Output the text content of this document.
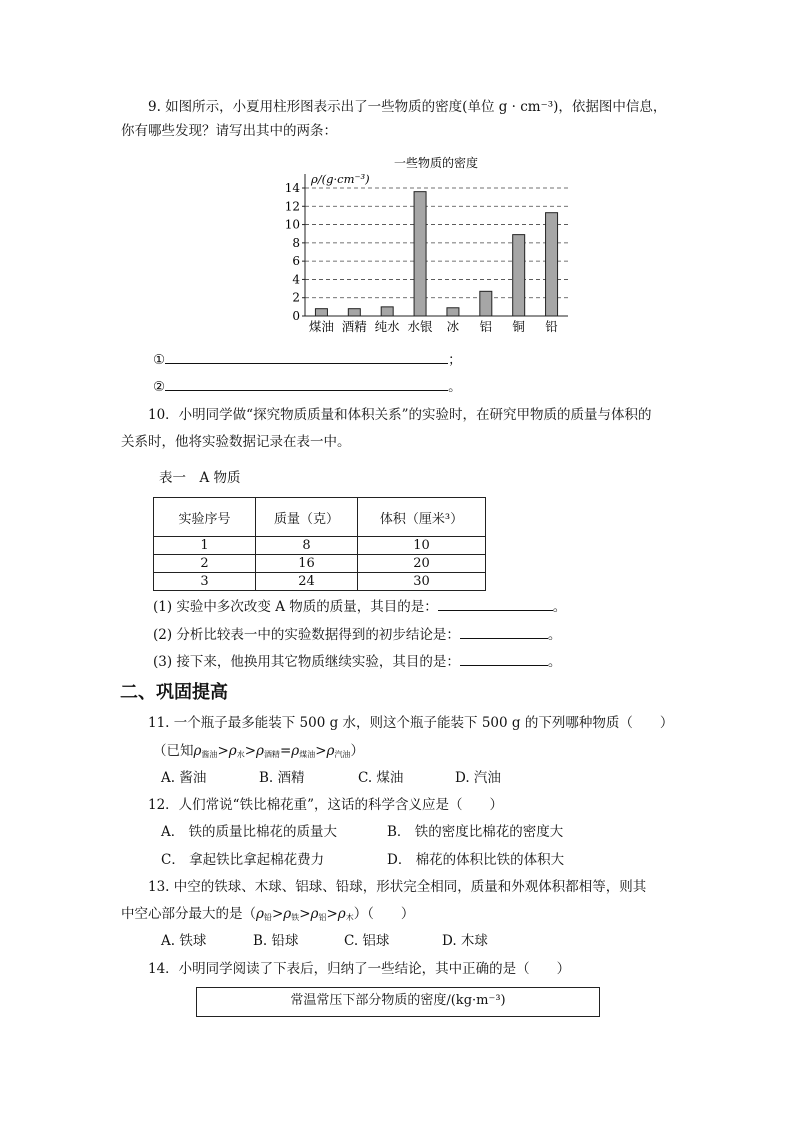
9. 如图所示，小夏用柱形图表示出了一些物质的密度(单位 g · cm⁻³)，依据图中信息，
你有哪些发现？请写出其中的两条：
一些物质的密度
ρ/(g·cm⁻³)
0
2
4
6
8
10
12
14
煤油 酒精 纯水 水银 冰 铝 铜 铅
①	；
②	。
10．小明同学做“探究物质质量和体积关系”的实验时，在研究甲物质的质量与体积的
关系时，他将实验数据记录在表一中。
表一　A 物质
实验序号	质量（克）	体积（厘米³）
1	8	10
2	16	20
3	24	30
(1) 实验中多次改变 A 物质的质量，其目的是：	。
(2) 分析比较表一中的实验数据得到的初步结论是：	。
(3) 接下来，他换用其它物质继续实验，其目的是：	。
二、巩固提高
11. 一个瓶子最多能装下 500 g 水，则这个瓶子能装下 500 g 的下列哪种物质（　　）
（已知$\rho_{酱油}>\rho_水>\rho_{酒精}=\rho_{煤油}>\rho_{汽油}$）
A. 酱油	B. 酒精	C. 煤油	D. 汽油
12．人们常说“铁比棉花重”，这话的科学含义应是（　　）
A． 铁的质量比棉花的质量大	B． 铁的密度比棉花的密度大
C． 拿起铁比拿起棉花费力	D． 棉花的体积比铁的体积大
13. 中空的铁球、木球、铝球、铅球，形状完全相同，质量和外观体积都相等，则其
中空心部分最大的是$(\rho_铅>\rho_铁>\rho_铝>\rho_木)$（　　）
A. 铁球	B. 铅球	C. 铝球	D. 木球
14．小明同学阅读了下表后，归纳了一些结论，其中正确的是（　　）
常温常压下部分物质的密度/(kg·m⁻³)
